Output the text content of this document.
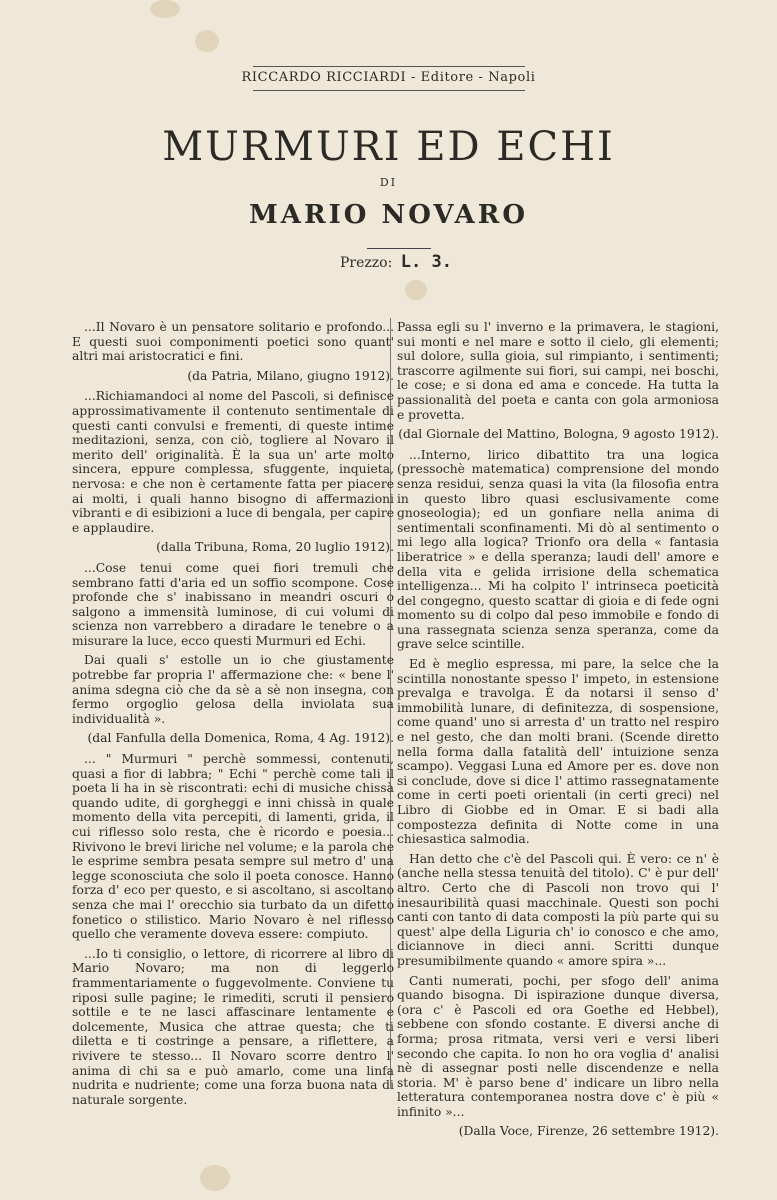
RICCARDO RICCIARDI - Editore - Napoli
MURMURI ED ECHI
DI
MARIO NOVARO
Prezzo: L. 3.

...Il Novaro è un pensatore solitario e profondo... E questi suoi componimenti poetici sono quant' altri mai aristocratici e fini.

(da Patria, Milano, giugno 1912).

...Richiamandoci al nome del Pascoli, si definisce approssimativamente il contenuto sentimentale di questi canti convulsi e frementi, di queste intime meditazioni, senza, con ciò, togliere al Novaro il merito dell' originalità. È la sua un' arte molto sincera, eppure complessa, sfuggente, inquieta, nervosa: e che non è certamente fatta per piacere ai molti, i quali hanno bisogno di affermazioni vibranti e di esibizioni a luce di bengala, per capire e applaudire.

(dalla Tribuna, Roma, 20 luglio 1912).

...Cose tenui come quei fiori tremuli che sembrano fatti d'aria ed un soffio scompone. Cose profonde che s' inabissano in meandri oscuri o salgono a immensità luminose, di cui volumi di scienza non varrebbero a diradare le tenebre o a misurare la luce, ecco questi Murmuri ed Echi.

Dai quali s' estolle un io che giustamente potrebbe far propria l' affermazione che: « bene l' anima sdegna ciò che da sè a sè non insegna, con fermo orgoglio gelosa della inviolata sua individualità ».

(dal Fanfulla della Domenica, Roma, 4 Ag. 1912).

... " Murmuri " perchè sommessi, contenuti, quasi a fior di labbra; " Echi " perchè come tali il poeta li ha in sè riscontrati: echi di musiche chissà quando udite, di gorgheggi e inni chissà in quale momento della vita percepiti, di lamenti, grida, il cui riflesso solo resta, che è ricordo e poesia... Rivivono le brevi liriche nel volume; e la parola che le esprime sembra pesata sempre sul metro d' una legge sconosciuta che solo il poeta conosce. Hanno forza d' eco per questo, e si ascoltano, si ascoltano senza che mai l' orecchio sia turbato da un difetto fonetico o stilistico. Mario Novaro è nel riflesso quello che veramente doveva essere: compiuto.

...Io ti consiglio, o lettore, di ricorrere al libro di Mario Novaro; ma non di leggerlo frammentariamente o fuggevolmente. Conviene tu riposi sulle pagine; le rimediti, scruti il pensiero sottile e te ne lasci affascinare lentamente e dolcemente, Musica che attrae questa; che ti diletta e ti costringe a pensare, a riflettere, a rivivere te stesso... Il Novaro scorre dentro l' anima di chi sa e può amarlo, come una linfa nudrita e nudriente; come una forza buona nata di naturale sorgente.

Passa egli su l' inverno e la primavera, le stagioni, sui monti e nel mare e sotto il cielo, gli elementi; sul dolore, sulla gioia, sul rimpianto, i sentimenti; trascorre agilmente sui fiori, sui campi, nei boschi, le cose; e si dona ed ama e concede. Ha tutta la passionalità del poeta e canta con gola armoniosa e provetta.

(dal Giornale del Mattino, Bologna, 9 agosto 1912).

...Interno, lirico dibattito tra una logica (pressochè matematica) comprensione del mondo senza residui, senza quasi la vita (la filosofia entra in questo libro quasi esclusivamente come gnoseologia); ed un gonfiare nella anima di sentimentali sconfinamenti. Mi dò al sentimento o mi lego alla logica? Trionfo ora della « fantasia liberatrice » e della speranza; laudi dell' amore e della vita e gelida irrisione della schematica intelligenza... Mi ha colpito l' intrinseca poeticità del congegno, questo scattar di gioia e di fede ogni momento su di colpo dal peso immobile e fondo di una rassegnata scienza senza speranza, come da grave selce scintille.

Ed è meglio espressa, mi pare, la selce che la scintilla nonostante spesso l' impeto, in estensione prevalga e travolga. È da notarsi il senso d' immobilità lunare, di definitezza, di sospensione, come quand' uno si arresta d' un tratto nel respiro e nel gesto, che dan molti brani. (Scende diretto nella forma dalla fatalità dell' intuizione senza scampo). Veggasi Luna ed Amore per es. dove non si conclude, dove si dice l' attimo rassegnatamente come in certi poeti orientali (in certi greci) nel Libro di Giobbe ed in Omar. E si badi alla compostezza definita di Notte come in una chiesastica salmodia.

Han detto che c'è del Pascoli qui. È vero: ce n' è (anche nella stessa tenuità del titolo). C' è pur dell' altro. Certo che di Pascoli non trovo qui l' inesauribilità quasi macchinale. Questi son pochi canti con tanto di data composti la più parte qui su quest' alpe della Liguria ch' io conosco e che amo, diciannove in dieci anni. Scritti dunque presumibilmente quando « amore spira »...

Canti numerati, pochi, per sfogo dell' anima quando bisogna. Di ispirazione dunque diversa, (ora c' è Pascoli ed ora Goethe ed Hebbel), sebbene con sfondo costante. E diversi anche di forma; prosa ritmata, versi veri e versi liberi secondo che capita. Io non ho ora voglia d' analisi nè di assegnar posti nelle discendenze e nella storia. M' è parso bene d' indicare un libro nella letteratura contemporanea nostra dove c' è più « infinito »...

(Dalla Voce, Firenze, 26 settembre 1912).
